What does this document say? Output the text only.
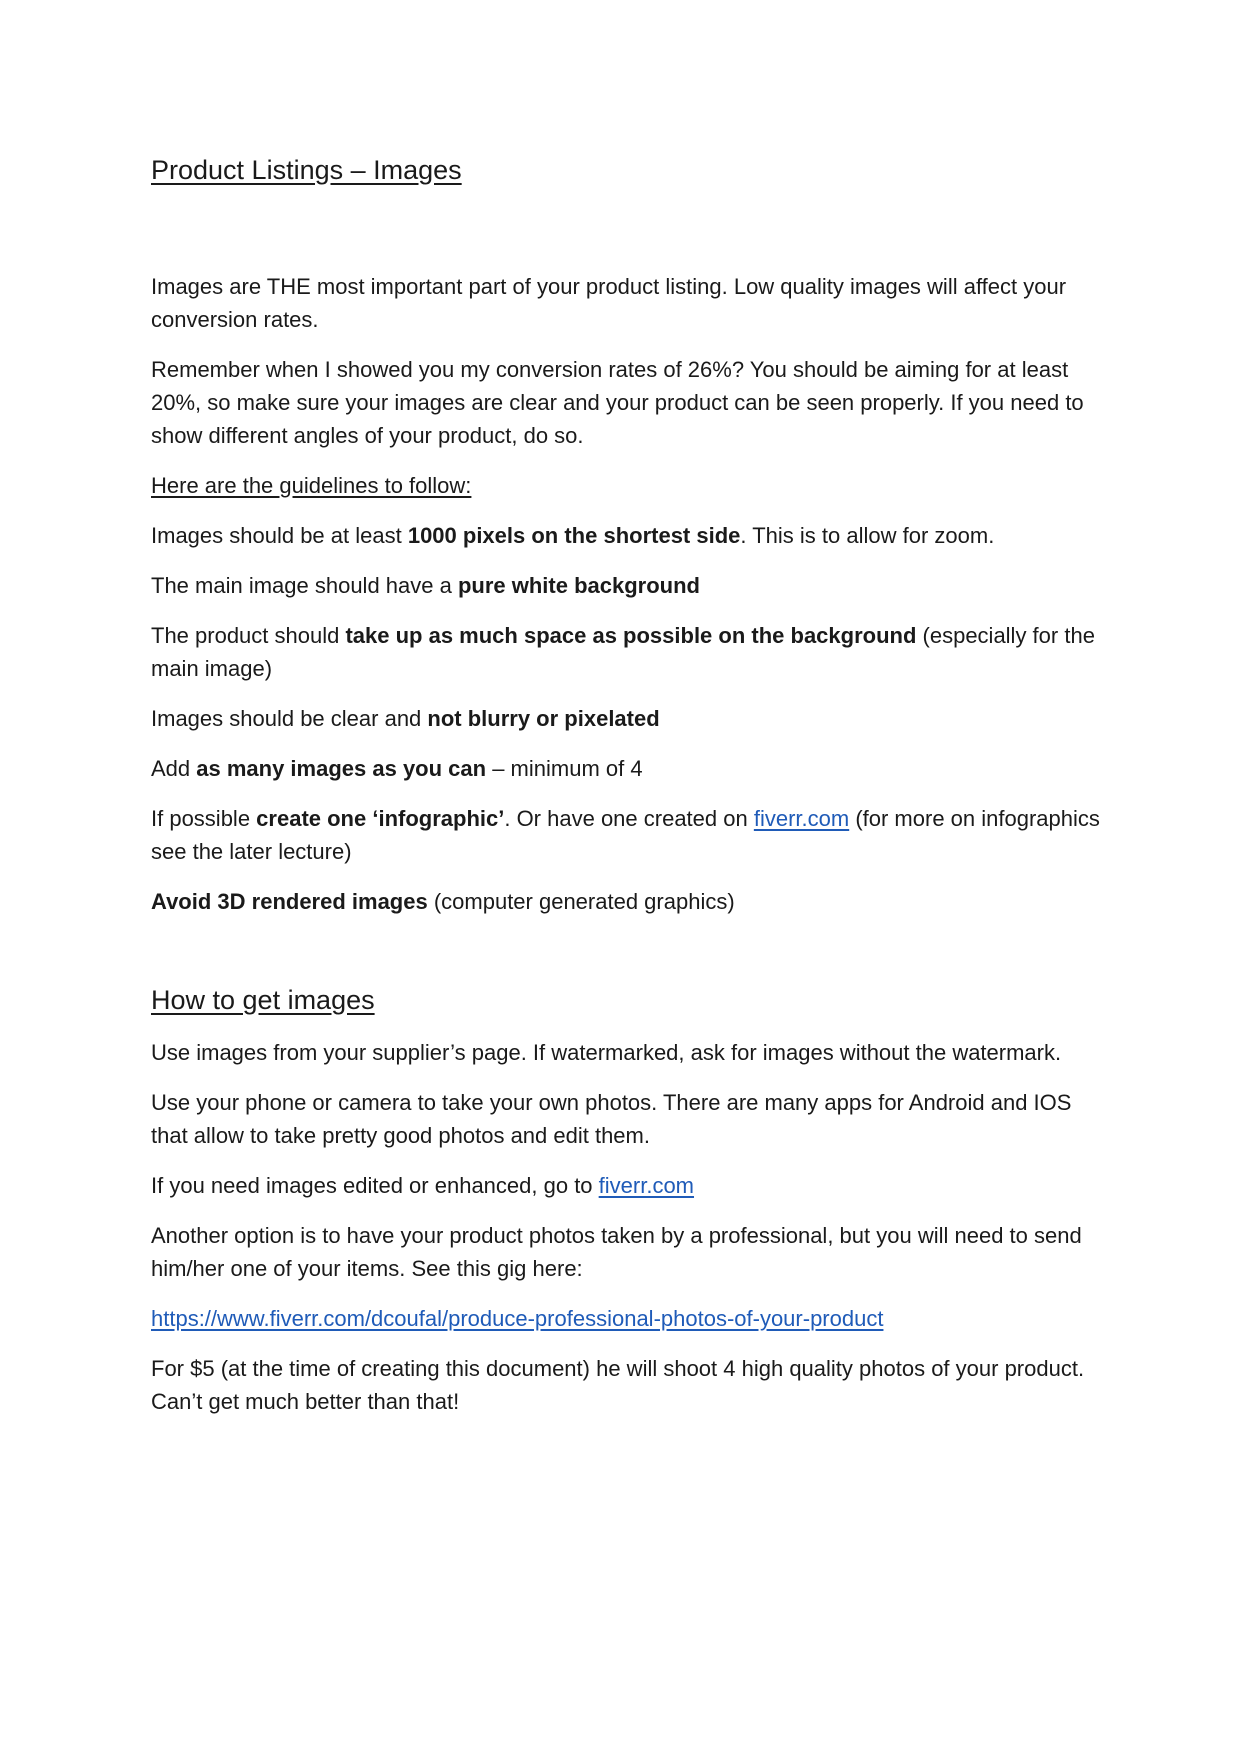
Product Listings – Images

Images are THE most important part of your product listing. Low quality images will affect your conversion rates.

Remember when I showed you my conversion rates of 26%? You should be aiming for at least 20%, so make sure your images are clear and your product can be seen properly. If you need to show different angles of your product, do so.

Here are the guidelines to follow:

Images should be at least 1000 pixels on the shortest side. This is to allow for zoom.

The main image should have a pure white background

The product should take up as much space as possible on the background (especially for the main image)

Images should be clear and not blurry or pixelated

Add as many images as you can – minimum of 4

If possible create one ‘infographic’. Or have one created on fiverr.com (for more on infographics see the later lecture)

Avoid 3D rendered images (computer generated graphics)

How to get images

Use images from your supplier’s page. If watermarked, ask for images without the watermark.

Use your phone or camera to take your own photos. There are many apps for Android and IOS that allow to take pretty good photos and edit them.

If you need images edited or enhanced, go to fiverr.com

Another option is to have your product photos taken by a professional, but you will need to send him/her one of your items. See this gig here:

https://www.fiverr.com/dcoufal/produce-professional-photos-of-your-product

For $5 (at the time of creating this document) he will shoot 4 high quality photos of your product. Can’t get much better than that!
